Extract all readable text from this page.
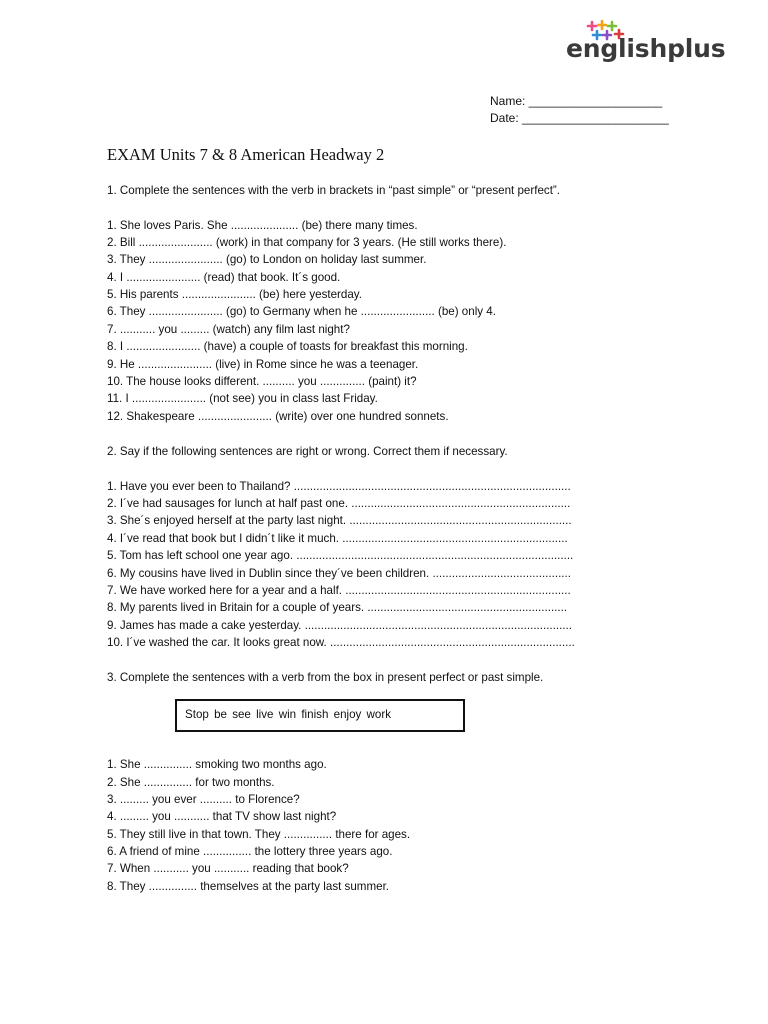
englishplus
Name: ____________________
Date: ______________________
EXAM Units 7 & 8 American Headway 2
1. Complete the sentences with the verb in brackets in “past simple” or “present perfect”.
1. She loves Paris. She ..................... (be) there many times.
2. Bill ....................... (work) in that company for 3 years. (He still works there).
3. They ....................... (go) to London on holiday last summer.
4. I ....................... (read) that book. It´s good.
5. His parents ....................... (be) here yesterday.
6. They ....................... (go) to Germany when he ....................... (be) only 4.
7. ........... you ......... (watch) any film last night?
8. I ....................... (have) a couple of toasts for breakfast this morning.
9. He ....................... (live) in Rome since he was a teenager.
10. The house looks different. .......... you .............. (paint) it?
11. I ....................... (not see) you in class last Friday.
12. Shakespeare ....................... (write) over one hundred sonnets.
2. Say if the following sentences are right or wrong. Correct them if necessary.
1. Have you ever been to Thailand? ......................................................................................
2. I´ve had sausages for lunch at half past one. ....................................................................
3. She´s enjoyed herself at the party last night. .....................................................................
4. I´ve read that book but I didn´t like it much. ......................................................................
5. Tom has left school one year ago. ......................................................................................
6. My cousins have lived in Dublin since they´ve been children. ...........................................
7. We have worked here for a year and a half. ......................................................................
8. My parents lived in Britain for a couple of years. ..............................................................
9. James has made a cake yesterday. ...................................................................................
10. I´ve washed the car. It looks great now. ............................................................................
3. Complete the sentences with a verb from the box in present perfect or past simple.
Stop be see live win finish enjoy work
1. She ............... smoking two months ago.
2. She ............... for two months.
3. ......... you ever .......... to Florence?
4. ......... you ........... that TV show last night?
5. They still live in that town. They ............... there for ages.
6. A friend of mine ............... the lottery three years ago.
7. When ........... you ........... reading that book?
8. They ............... themselves at the party last summer.
